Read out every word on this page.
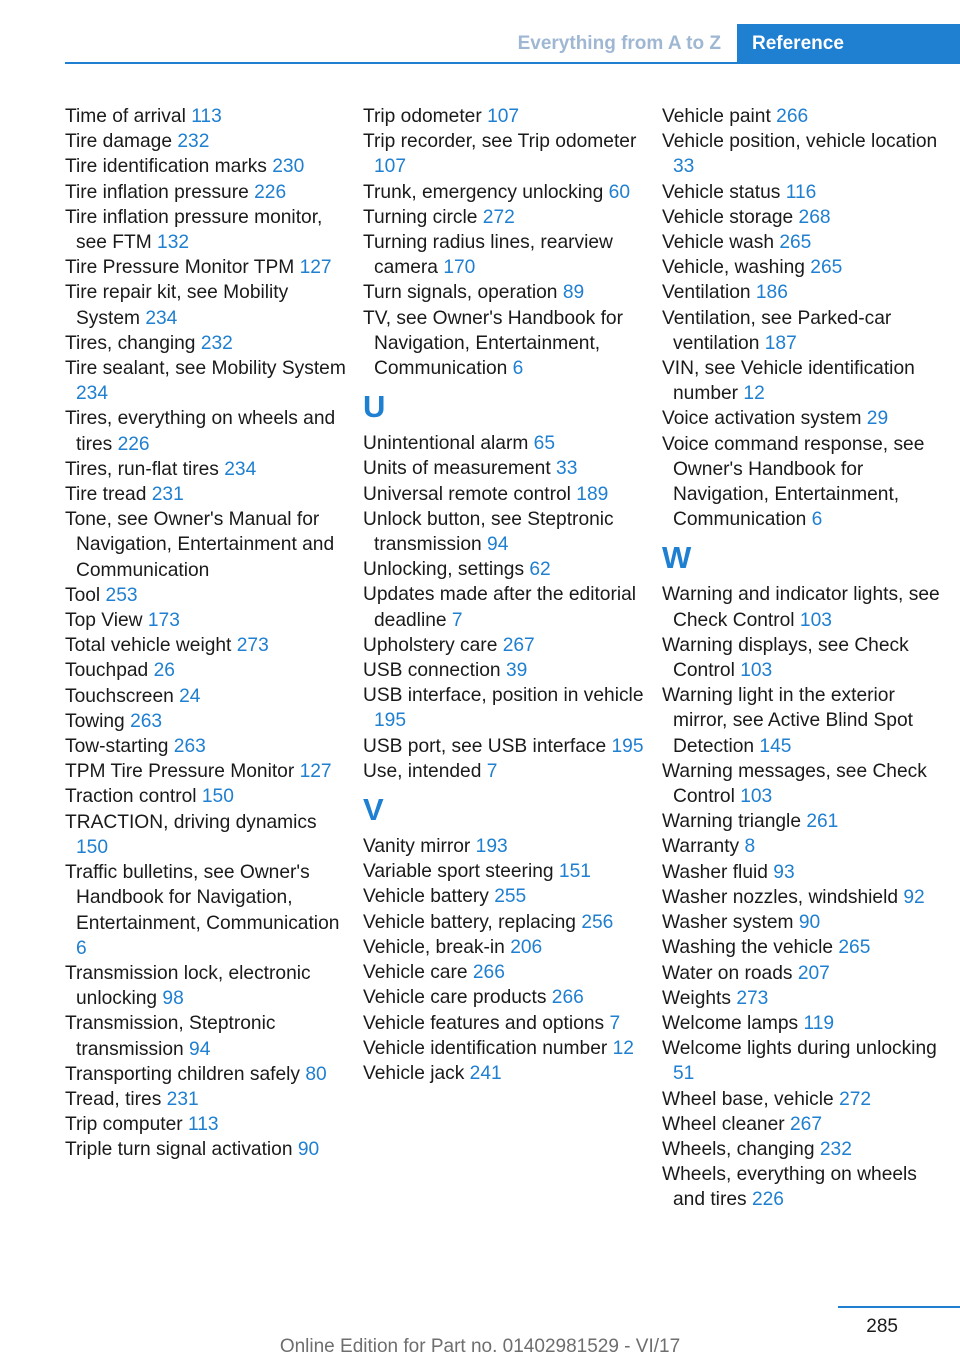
Everything from A to Z	Reference

Time of arrival 113

Tire damage 232

Tire identification marks 230

Tire inflation pressure 226

Tire inflation pressure monitor, see FTM 132

Tire Pressure Monitor TPM 127

Tire repair kit, see Mobility System 234

Tires, changing 232

Tire sealant, see Mobility System 234

Tires, everything on wheels and tires 226

Tires, run-flat tires 234

Tire tread 231

Tone, see Owner's Manual for Navigation, Entertainment and Communication

Tool 253

Top View 173

Total vehicle weight 273

Touchpad 26

Touchscreen 24

Towing 263

Tow-starting 263

TPM Tire Pressure Monitor 127

Traction control 150

TRACTION, driving dynamics 150

Traffic bulletins, see Owner's Handbook for Navigation, Entertainment, Communication 6

Transmission lock, electronic unlocking 98

Transmission, Steptronic transmission 94

Transporting children safely 80

Tread, tires 231

Trip computer 113

Triple turn signal activation 90

Trip odometer 107

Trip recorder, see Trip odometer 107

Trunk, emergency unlocking 60

Turning circle 272

Turning radius lines, rearview camera 170

Turn signals, operation 89

TV, see Owner's Handbook for Navigation, Entertainment, Communication 6

U

Unintentional alarm 65

Units of measurement 33

Universal remote control 189

Unlock button, see Steptronic transmission 94

Unlocking, settings 62

Updates made after the editorial deadline 7

Upholstery care 267

USB connection 39

USB interface, position in vehicle 195

USB port, see USB interface 195

Use, intended 7

V

Vanity mirror 193

Variable sport steering 151

Vehicle battery 255

Vehicle battery, replacing 256

Vehicle, break-in 206

Vehicle care 266

Vehicle care products 266

Vehicle features and options 7

Vehicle identification number 12

Vehicle jack 241

Vehicle paint 266

Vehicle position, vehicle location 33

Vehicle status 116

Vehicle storage 268

Vehicle wash 265

Vehicle, washing 265

Ventilation 186

Ventilation, see Parked-car ventilation 187

VIN, see Vehicle identification number 12

Voice activation system 29

Voice command response, see Owner's Handbook for Navigation, Entertainment, Communication 6

W

Warning and indicator lights, see Check Control 103

Warning displays, see Check Control 103

Warning light in the exterior mirror, see Active Blind Spot Detection 145

Warning messages, see Check Control 103

Warning triangle 261

Warranty 8

Washer fluid 93

Washer nozzles, windshield 92

Washer system 90

Washing the vehicle 265

Water on roads 207

Weights 273

Welcome lamps 119

Welcome lights during unlocking 51

Wheel base, vehicle 272

Wheel cleaner 267

Wheels, changing 232

Wheels, everything on wheels and tires 226

285
Online Edition for Part no. 01402981529 - VI/17
